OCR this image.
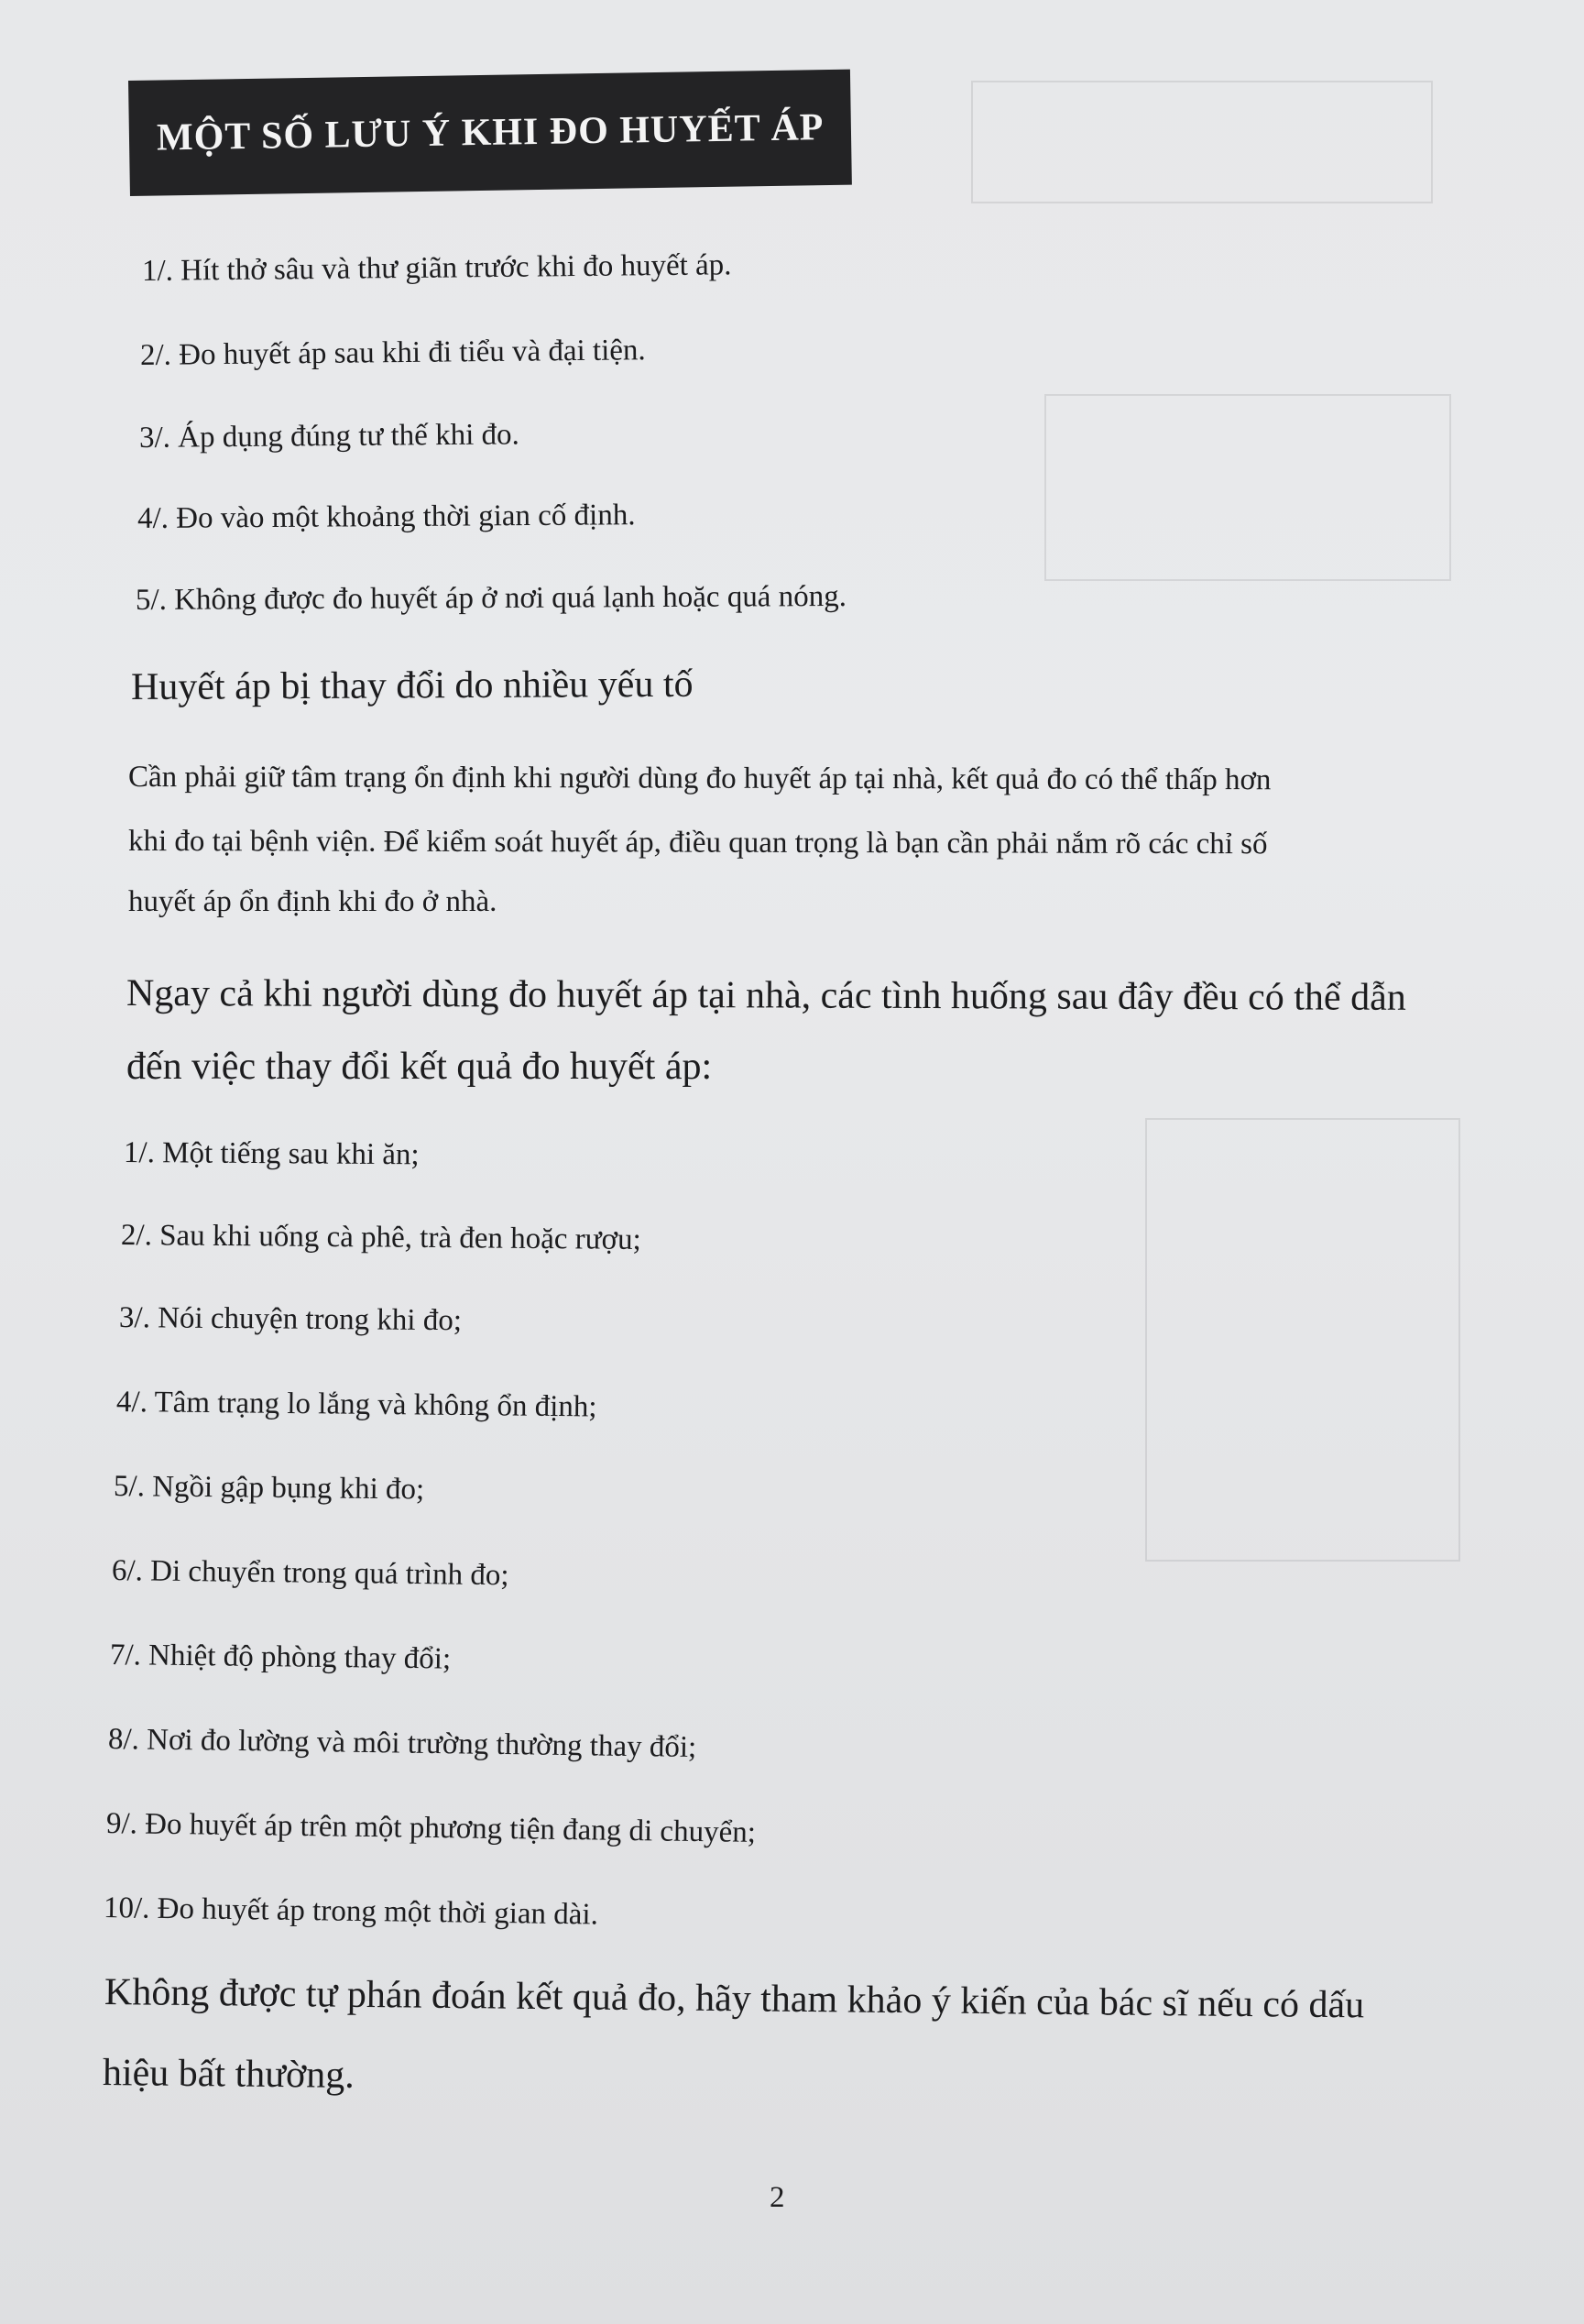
MỘT SỐ LƯU Ý KHI ĐO HUYẾT ÁP
1/. Hít thở sâu và thư giãn trước khi đo huyết áp.
2/. Đo huyết áp sau khi đi tiểu và đại tiện.
3/. Áp dụng đúng tư thế khi đo.
4/. Đo vào một khoảng thời gian cố định.
5/. Không được đo huyết áp ở nơi quá lạnh hoặc quá nóng.
Huyết áp bị thay đổi do nhiều yếu tố
Cần phải giữ tâm trạng ổn định khi người dùng đo huyết áp tại nhà, kết quả đo có thể thấp hơn
khi đo tại bệnh viện. Để kiểm soát huyết áp, điều quan trọng là bạn cần phải nắm rõ các chỉ số
huyết áp ổn định khi đo ở nhà.
Ngay cả khi người dùng đo huyết áp tại nhà, các tình huống sau đây đều có thể dẫn
đến việc thay đổi kết quả đo huyết áp:
1/. Một tiếng sau khi ăn;
2/. Sau khi uống cà phê, trà đen hoặc rượu;
3/. Nói chuyện trong khi đo;
4/. Tâm trạng lo lắng và không ổn định;
5/. Ngồi gập bụng khi đo;
6/. Di chuyển trong quá trình đo;
7/. Nhiệt độ phòng thay đổi;
8/. Nơi đo lường và môi trường thường thay đổi;
9/. Đo huyết áp trên một phương tiện đang di chuyển;
10/. Đo huyết áp trong một thời gian dài.
Không được tự phán đoán kết quả đo, hãy tham khảo ý kiến của bác sĩ nếu có dấu
hiệu bất thường.
2
